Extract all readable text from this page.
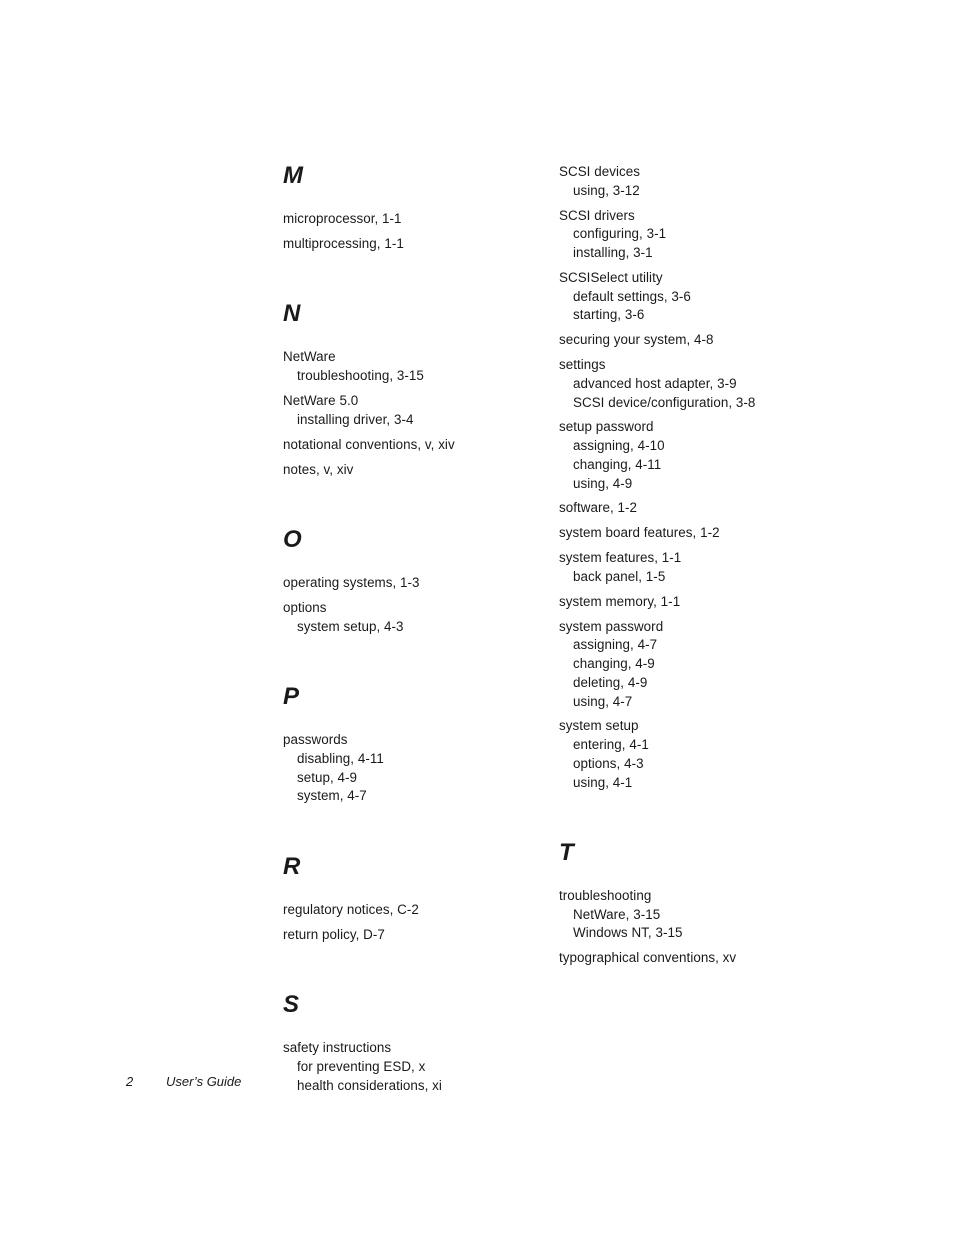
M
microprocessor, 1-1
multiprocessing, 1-1
N
NetWare
troubleshooting, 3-15
NetWare 5.0
installing driver, 3-4
notational conventions, v, xiv
notes, v, xiv
O
operating systems, 1-3
options
system setup, 4-3
P
passwords
disabling, 4-11
setup, 4-9
system, 4-7
R
regulatory notices, C-2
return policy, D-7
S
safety instructions
for preventing ESD, x
health considerations, xi
SCSI devices
using, 3-12
SCSI drivers
configuring, 3-1
installing, 3-1
SCSISelect utility
default settings, 3-6
starting, 3-6
securing your system, 4-8
settings
advanced host adapter, 3-9
SCSI device/configuration, 3-8
setup password
assigning, 4-10
changing, 4-11
using, 4-9
software, 1-2
system board features, 1-2
system features, 1-1
back panel, 1-5
system memory, 1-1
system password
assigning, 4-7
changing, 4-9
deleting, 4-9
using, 4-7
system setup
entering, 4-1
options, 4-3
using, 4-1
T
troubleshooting
NetWare, 3-15
Windows NT, 3-15
typographical conventions, xv
2	User’s Guide
